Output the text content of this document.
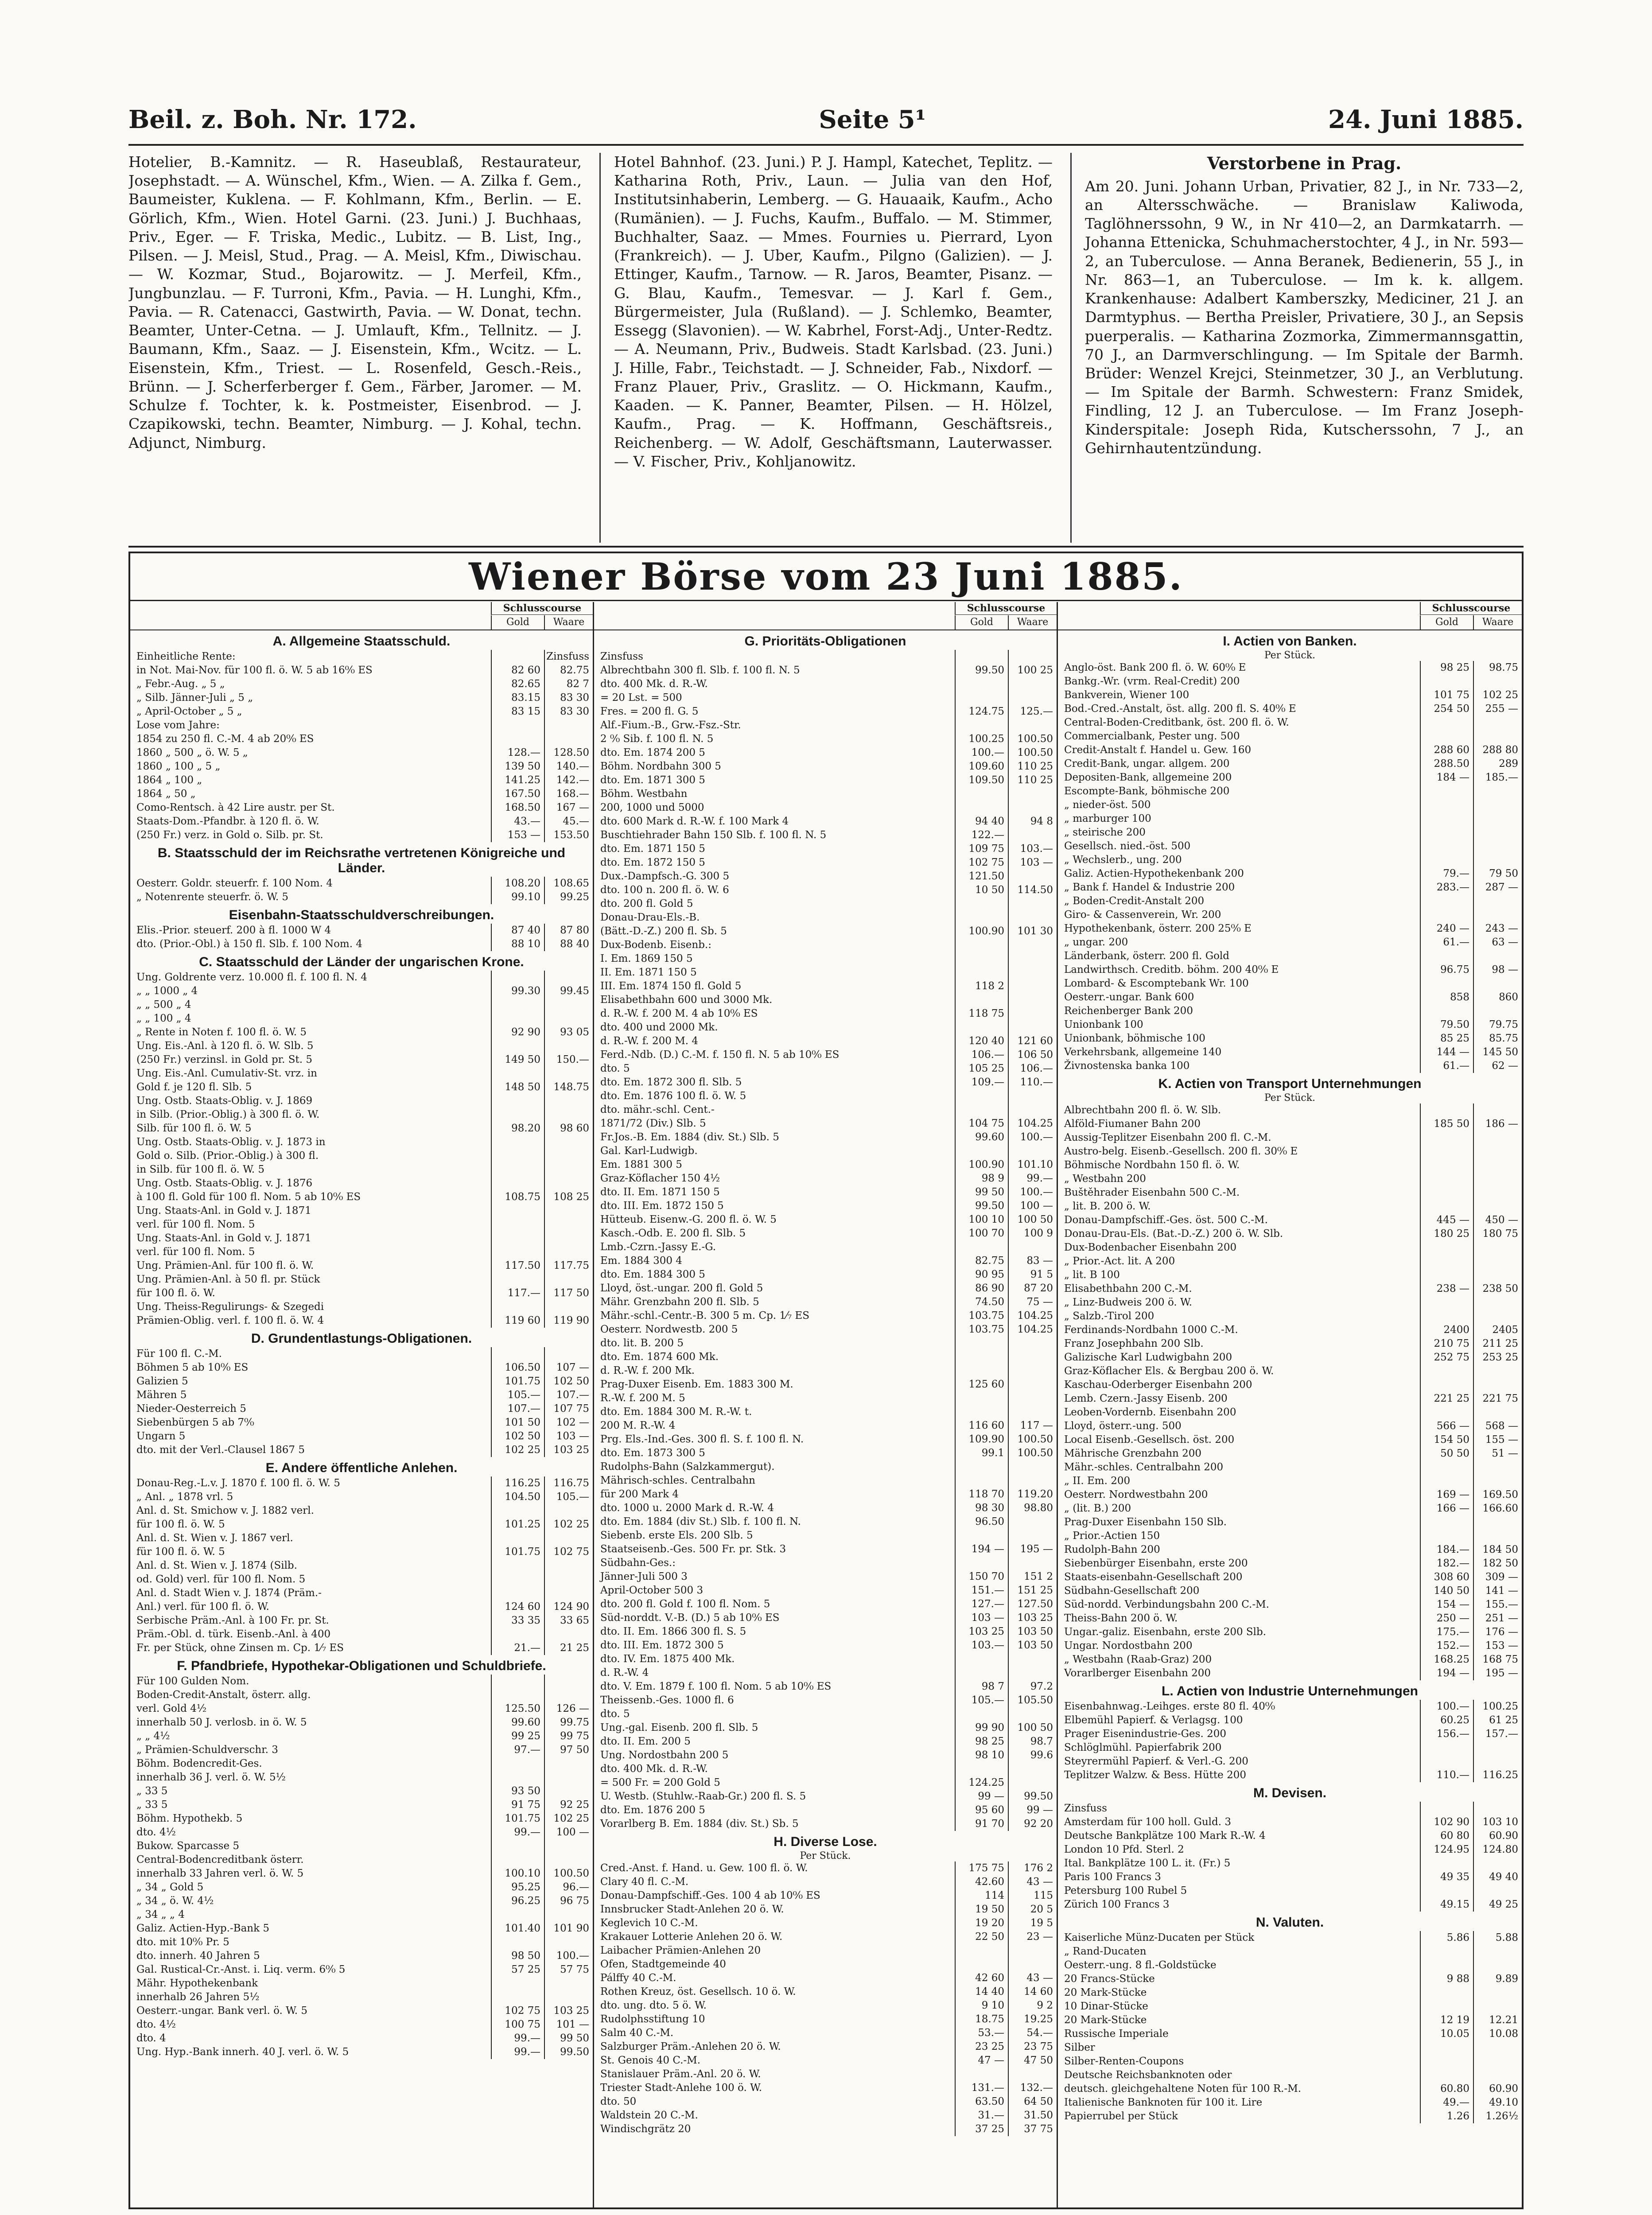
Beil. z. Boh. Nr. 172.	Seite 5¹	24. Juni 1885.
Hotelier, B.-Kamnitz. — R. Haseublaß, Restaurateur, Josephstadt. — A. Wünschel, Kfm., Wien. — A. Zilka f. Gem., Baumeister, Kuklena. — F. Kohlmann, Kfm., Berlin. — E. Görlich, Kfm., Wien. Hotel Garni. (23. Juni.) J. Buchhaas, Priv., Eger. — F. Triska, Medic., Lubitz. — B. List, Ing., Pilsen. — J. Meisl, Stud., Prag. — A. Meisl, Kfm., Diwischau. — W. Kozmar, Stud., Bojarowitz. — J. Merfeil, Kfm., Jungbunzlau. — F. Turroni, Kfm., Pavia. — H. Lunghi, Kfm., Pavia. — R. Catenacci, Gastwirth, Pavia. — W. Donat, techn. Beamter, Unter-Cetna. — J. Umlauft, Kfm., Tellnitz. — J. Baumann, Kfm., Saaz. — J. Eisenstein, Kfm., Wcitz. — L. Eisenstein, Kfm., Triest. — L. Rosenfeld, Gesch.-Reis., Brünn. — J. Scherferberger f. Gem., Färber, Jaromer. — M. Schulze f. Tochter, k. k. Postmeister, Eisenbrod. — J. Czapikowski, techn. Beamter, Nimburg. — J. Kohal, techn. Adjunct, Nimburg.
Hotel Bahnhof. (23. Juni.) P. J. Hampl, Katechet, Teplitz. — Katharina Roth, Priv., Laun. — Julia van den Hof, Institutsinhaberin, Lemberg. — G. Hauaaik, Kaufm., Acho (Rumänien). — J. Fuchs, Kaufm., Buffalo. — M. Stimmer, Buchhalter, Saaz. — Mmes. Fournies u. Pierrard, Lyon (Frankreich). — J. Uber, Kaufm., Pilgno (Galizien). — J. Ettinger, Kaufm., Tarnow. — R. Jaros, Beamter, Pisanz. — G. Blau, Kaufm., Temesvar. — J. Karl f. Gem., Bürgermeister, Jula (Rußland). — J. Schlemko, Beamter, Essegg (Slavonien). — W. Kabrhel, Forst-Adj., Unter-Redtz. — A. Neumann, Priv., Budweis. Stadt Karlsbad. (23. Juni.) J. Hille, Fabr., Teichstadt. — J. Schneider, Fab., Nixdorf. — Franz Plauer, Priv., Graslitz. — O. Hickmann, Kaufm., Kaaden. — K. Panner, Beamter, Pilsen. — H. Hölzel, Kaufm., Prag. — K. Hoffmann, Geschäftsreis., Reichenberg. — W. Adolf, Geschäftsmann, Lauterwasser. — V. Fischer, Priv., Kohljanowitz.
Verstorbene in Prag.
Am 20. Juni. Johann Urban, Privatier, 82 J., in Nr. 733—2, an Altersschwäche. — Branislaw Kaliwoda, Taglöhnerssohn, 9 W., in Nr 410—2, an Darmkatarrh. — Johanna Ettenicka, Schuhmacherstochter, 4 J., in Nr. 593—2, an Tuberculose. — Anna Beranek, Bedienerin, 55 J., in Nr. 863—1, an Tuberculose. — Im k. k. allgem. Krankenhause: Adalbert Kamberszky, Mediciner, 21 J. an Darmtyphus. — Bertha Preisler, Privatiere, 30 J., an Sepsis puerperalis. — Katharina Zozmorka, Zimmermannsgattin, 70 J., an Darmverschlingung. — Im Spitale der Barmh. Brüder: Wenzel Krejci, Steinmetzer, 30 J., an Verblutung. — Im Spitale der Barmh. Schwestern: Franz Smidek, Findling, 12 J. an Tuberculose. — Im Franz Joseph-Kinderspitale: Joseph Rida, Kutscherssohn, 7 J., an Gehirnhautentzündung.
Wiener Börse vom 23 Juni 1885.
Schlusscourse
Gold	Waare
A. Allgemeine Staatsschuld.
Einheitliche Rente:	Zinsfuss
in Not. Mai-Nov. für 100 fl. ö. W. 5 ab 16⁰⁄₀ ES	82 60	82.75
„ Febr.-Aug. „ 5 „	82.65	82 7
„ Silb. Jänner-Juli „ 5 „	83.15	83 30
„ April-October „ 5 „	83 15	83 30
Lose vom Jahre:
1854 zu 250 fl. C.-M. 4 ab 20⁰⁄₀ ES
1860 „ 500 „ ö. W. 5 „	128.—	128.50
1860 „ 100 „ 5 „	139 50	140.—
1864 „ 100 „	141.25	142.—
1864 „ 50 „	167.50	168.—
Como-Rentsch. à 42 Lire austr. per St.	168.50	167 —
Staats-Dom.-Pfandbr. à 120 fl. ö. W.	43.—	45.—
(250 Fr.) verz. in Gold o. Silb. pr. St.	153 —	153.50
B. Staatsschuld der im Reichsrathe vertretenen Königreiche und Länder.
Oesterr. Goldr. steuerfr. f. 100 Nom. 4	108.20	108.65
„ Notenrente steuerfr. ö. W. 5	99.10	99.25
Eisenbahn-Staatsschuldverschreibungen.
Elis.-Prior. steuerf. 200 à fl. 1000 W 4	87 40	87 80
dto. (Prior.-Obl.) à 150 fl. Slb. f. 100 Nom. 4	88 10	88 40
C. Staatsschuld der Länder der ungarischen Krone.
Ung. Goldrente verz. 10.000 fl. f. 100 fl. N. 4
„ „ 1000 „ 4	99.30	99.45
„ „ 500 „ 4
„ „ 100 „ 4
„ Rente in Noten f. 100 fl. ö. W. 5	92 90	93 05
Ung. Eis.-Anl. à 120 fl. ö. W. Slb. 5
(250 Fr.) verzinsl. in Gold pr. St. 5	149 50	150.—
Ung. Eis.-Anl. Cumulativ-St. vrz. in
Gold f. je 120 fl. Slb. 5	148 50	148.75
Ung. Ostb. Staats-Oblig. v. J. 1869
in Silb. (Prior.-Oblig.) à 300 fl. ö. W.
Silb. für 100 fl. ö. W. 5	98.20	98 60
Ung. Ostb. Staats-Oblig. v. J. 1873 in
Gold o. Silb. (Prior.-Oblig.) à 300 fl.
in Silb. für 100 fl. ö. W. 5
Ung. Ostb. Staats-Oblig. v. J. 1876
à 100 fl. Gold für 100 fl. Nom. 5 ab 10⁰⁄₀ ES	108.75	108 25
Ung. Staats-Anl. in Gold v. J. 1871
verl. für 100 fl. Nom. 5
Ung. Staats-Anl. in Gold v. J. 1871
verl. für 100 fl. Nom. 5
Ung. Prämien-Anl. für 100 fl. ö. W.	117.50	117.75
Ung. Prämien-Anl. à 50 fl. pr. Stück
für 100 fl. ö. W.	117.—	117 50
Ung. Theiss-Regulirungs- & Szegedi
Prämien-Oblig. verl. f. 100 fl. ö. W. 4	119 60	119 90
D. Grundentlastungs-Obligationen.
Für 100 fl. C.-M.
Böhmen 5 ab 10⁰⁄₀ ES	106.50	107 —
Galizien 5	101.75	102 50
Mähren 5	105.—	107.—
Nieder-Oesterreich 5	107.—	107 75
Siebenbürgen 5 ab 7⁰⁄₀	101 50	102 —
Ungarn 5	102 50	103 —
dto. mit der Verl.-Clausel 1867 5	102 25	103 25
E. Andere öffentliche Anlehen.
Donau-Reg.-L.v. J. 1870 f. 100 fl. ö. W. 5	116.25	116.75
„ Anl. „ 1878 vrl. 5	104.50	105.—
Anl. d. St. Smichow v. J. 1882 verl.
für 100 fl. ö. W. 5	101.25	102 25
Anl. d. St. Wien v. J. 1867 verl.
für 100 fl. ö. W. 5	101.75	102 75
Anl. d. St. Wien v. J. 1874 (Silb.
od. Gold) verl. für 100 fl. Nom. 5
Anl. d. Stadt Wien v. J. 1874 (Präm.-
Anl.) verl. für 100 fl. ö. W.	124 60	124 90
Serbische Präm.-Anl. à 100 Fr. pr. St.	33 35	33 65
Präm.-Obl. d. türk. Eisenb.-Anl. à 400
Fr. per Stück, ohne Zinsen m. Cp. 1⁄₇ ES	21.—	21 25
F. Pfandbriefe, Hypothekar-Obligationen und Schuldbriefe.
Für 100 Gulden Nom.
Boden-Credit-Anstalt, österr. allg.
verl. Gold 4½	125.50	126 —
innerhalb 50 J. verlosb. in ö. W. 5	99.60	99.75
„ „ 4½	99 25	99 75
„ Prämien-Schuldverschr. 3	97.—	97 50
Böhm. Bodencredit-Ges.
innerhalb 36 J. verl. ö. W. 5½
„ 33 5	93 50
„ 33 5	91 75	92 25
Böhm. Hypothekb. 5	101.75	102 25
dto. 4½	99.—	100 —
Bukow. Sparcasse 5
Central-Bodencreditbank österr.
innerhalb 33 Jahren verl. ö. W. 5	100.10	100.50
„ 34 „ Gold 5	95.25	96.—
„ 34 „ ö. W. 4½	96.25	96 75
„ 34 „ „ 4
Galiz. Actien-Hyp.-Bank 5	101.40	101 90
dto. mit 10⁰⁄₀ Pr. 5
dto. innerh. 40 Jahren 5	98 50	100.—
Gal. Rustical-Cr.-Anst. i. Liq. verm. 6⁰⁄₀ 5	57 25	57 75
Mähr. Hypothekenbank
innerhalb 26 Jahren 5½
Oesterr.-ungar. Bank verl. ö. W. 5	102 75	103 25
dto. 4½	100 75	101 —
dto. 4	99.—	99 50
Ung. Hyp.-Bank innerh. 40 J. verl. ö. W. 5	99.—	99.50
Schlusscourse
Gold	Waare
G. Prioritäts-Obligationen
Zinsfuss
Albrechtbahn 300 fl. Slb. f. 100 fl. N. 5	99.50	100 25
dto. 400 Mk. d. R.-W.
= 20 Lst. = 500
Fres. = 200 fl. G. 5	124.75	125.—
Alf.-Fium.-B., Grw.-Fsz.-Str.
2 ⁰⁄₀ Sib. f. 100 fl. N. 5	100.25	100.50
dto. Em. 1874 200 5	100.—	100.50
Böhm. Nordbahn 300 5	109.60	110 25
dto. Em. 1871 300 5	109.50	110 25
Böhm. Westbahn
200, 1000 und 5000
dto. 600 Mark d. R.-W. f. 100 Mark 4	94 40	94 8
Buschtiehrader Bahn 150 Slb. f. 100 fl. N. 5	122.—
dto. Em. 1871 150 5	109 75	103.—
dto. Em. 1872 150 5	102 75	103 —
Dux.-Dampfsch.-G. 300 5	121.50
dto. 100 n. 200 fl. ö. W. 6	10 50	114.50
dto. 200 fl. Gold 5
Donau-Drau-Els.-B.
(Bätt.-D.-Z.) 200 fl. Sb. 5	100.90	101 30
Dux-Bodenb. Eisenb.:
I. Em. 1869 150 5
II. Em. 1871 150 5
III. Em. 1874 150 fl. Gold 5	118 2
Elisabethbahn 600 und 3000 Mk.
d. R.-W. f. 200 M. 4 ab 10⁰⁄₀ ES	118 75
dto. 400 und 2000 Mk.
d. R.-W. f. 200 M. 4	120 40	121 60
Ferd.-Ndb. (D.) C.-M. f. 150 fl. N. 5 ab 10⁰⁄₀ ES	106.—	106 50
dto. 5	105 25	106.—
dto. Em. 1872 300 fl. Slb. 5	109.—	110.—
dto. Em. 1876 100 fl. ö. W. 5
dto. mähr.-schl. Cent.-
1871/72 (Div.) Slb. 5	104 75	104.25
Fr.Jos.-B. Em. 1884 (div. St.) Slb. 5	99.60	100.—
Gal. Karl-Ludwigb.
Em. 1881 300 5	100.90	101.10
Graz-Köflacher 150 4½	98 9	99.—
dto. II. Em. 1871 150 5	99 50	100.—
dto. III. Em. 1872 150 5	99.50	100 —
Hütteub. Eisenw.-G. 200 fl. ö. W. 5	100 10	100 50
Kasch.-Odb. E. 200 fl. Slb. 5	100 70	100 9
Lmb.-Czrn.-Jassy E.-G.
Em. 1884 300 4	82.75	83 —
dto. Em. 1884 300 5	90 95	91 5
Lloyd, öst.-ungar. 200 fl. Gold 5	86 90	87 20
Mähr. Grenzbahn 200 fl. Slb. 5	74.50	75 —
Mähr.-schl.-Centr.-B. 300 5 m. Cp. 1⁄₇ ES	103.75	104.25
Oesterr. Nordwestb. 200 5	103.75	104.25
dto. lit. B. 200 5
dto. Em. 1874 600 Mk.
d. R.-W. f. 200 Mk.
Prag-Duxer Eisenb. Em. 1883 300 M.	125 60
R.-W. f. 200 M. 5
dto. Em. 1884 300 M. R.-W. t.
200 M. R.-W. 4	116 60	117 —
Prg. Els.-Ind.-Ges. 300 fl. S. f. 100 fl. N.	109.90	100.50
dto. Em. 1873 300 5	99.1	100.50
Rudolphs-Bahn (Salzkammergut).
Mährisch-schles. Centralbahn
für 200 Mark 4	118 70	119.20
dto. 1000 u. 2000 Mark d. R.-W. 4	98 30	98.80
dto. Em. 1884 (div St.) Slb. f. 100 fl. N.	96.50
Siebenb. erste Els. 200 Slb. 5
Staatseisenb.-Ges. 500 Fr. pr. Stk. 3	194 —	195 —
Südbahn-Ges.:
Jänner-Juli 500 3	150 70	151 2
April-October 500 3	151.—	151 25
dto. 200 fl. Gold f. 100 fl. Nom. 5	127.—	127.50
Süd-norddt. V.-B. (D.) 5 ab 10⁰⁄₀ ES	103 —	103 25
dto. II. Em. 1866 300 fl. S. 5	103 25	103 50
dto. III. Em. 1872 300 5	103.—	103 50
dto. IV. Em. 1875 400 Mk.
d. R.-W. 4
dto. V. Em. 1879 f. 100 fl. Nom. 5 ab 10⁰⁄₀ ES	98 7	97.2
Theissenb.-Ges. 1000 fl. 6	105.—	105.50
dto. 5
Ung.-gal. Eisenb. 200 fl. Slb. 5	99 90	100 50
dto. II. Em. 200 5	98 25	98.7
Ung. Nordostbahn 200 5	98 10	99.6
dto. 400 Mk. d. R.-W.
= 500 Fr. = 200 Gold 5	124.25
U. Westb. (Stuhlw.-Raab-Gr.) 200 fl. S. 5	99 —	99.50
dto. Em. 1876 200 5	95 60	99 —
Vorarlberg B. Em. 1884 (div. St.) Sb. 5	91 70	92 20
H. Diverse Lose.
Per Stück.
Cred.-Anst. f. Hand. u. Gew. 100 fl. ö. W.	175 75	176 2
Clary 40 fl. C.-M.	42.60	43 —
Donau-Dampfschiff.-Ges. 100 4 ab 10⁰⁄₀ ES	114	115
Innsbrucker Stadt-Anlehen 20 ö. W.	19 50	20 5
Keglevich 10 C.-M.	19 20	19 5
Krakauer Lotterie Anlehen 20 ö. W.	22 50	23 —
Laibacher Prämien-Anlehen 20
Ofen, Stadtgemeinde 40
Pálffy 40 C.-M.	42 60	43 —
Rothen Kreuz, öst. Gesellsch. 10 ö. W.	14 40	14 60
dto. ung. dto. 5 ö. W.	9 10	9 2
Rudolphsstiftung 10	18.75	19.25
Salm 40 C.-M.	53.—	54.—
Salzburger Präm.-Anlehen 20 ö. W.	23 25	23 75
St. Genois 40 C.-M.	47 —	47 50
Stanislauer Präm.-Anl. 20 ö. W.
Triester Stadt-Anlehe 100 ö. W.	131.—	132.—
dto. 50	63.50	64 50
Waldstein 20 C.-M.	31.—	31.50
Windischgrätz 20	37 25	37 75
Schlusscourse
Gold	Waare
I. Actien von Banken.
Per Stück.
Anglo-öst. Bank 200 fl. ö. W. 60⁰⁄₀ E	98 25	98.75
Bankg.-Wr. (vrm. Real-Credit) 200
Bankverein, Wiener 100	101 75	102 25
Bod.-Cred.-Anstalt, öst. allg. 200 fl. S. 40⁰⁄₀ E	254 50	255 —
Central-Boden-Creditbank, öst. 200 fl. ö. W.
Commercialbank, Pester ung. 500
Credit-Anstalt f. Handel u. Gew. 160	288 60	288 80
Credit-Bank, ungar. allgem. 200	288.50	289
Depositen-Bank, allgemeine 200	184 —	185.—
Escompte-Bank, böhmische 200
„ nieder-öst. 500
„ marburger 100
„ steirische 200
Gesellsch. nied.-öst. 500
„ Wechslerb., ung. 200
Galiz. Actien-Hypothekenbank 200	79.—	79 50
„ Bank f. Handel & Industrie 200	283.—	287 —
„ Boden-Credit-Anstalt 200
Giro- & Cassenverein, Wr. 200
Hypothekenbank, österr. 200 25⁰⁄₀ E	240 —	243 —
„ ungar. 200	61.—	63 —
Länderbank, österr. 200 fl. Gold
Landwirthsch. Creditb. böhm. 200 40⁰⁄₀ E	96.75	98 —
Lombard- & Escomptebank Wr. 100
Oesterr.-ungar. Bank 600	858	860
Reichenberger Bank 200
Unionbank 100	79.50	79.75
Unionbank, böhmische 100	85 25	85.75
Verkehrsbank, allgemeine 140	144 —	145 50
Živnostenska banka 100	61.—	62 —
K. Actien von Transport Unternehmungen
Per Stück.
Albrechtbahn 200 fl. ö. W. Slb.
Alföld-Fiumaner Bahn 200	185 50	186 —
Aussig-Teplitzer Eisenbahn 200 fl. C.-M.
Austro-belg. Eisenb.-Gesellsch. 200 fl. 30⁰⁄₀ E
Böhmische Nordbahn 150 fl. ö. W.
„ Westbahn 200
Buštěhrader Eisenbahn 500 C.-M.
„ lit. B. 200 ö. W.
Donau-Dampfschiff.-Ges. öst. 500 C.-M.	445 —	450 —
Donau-Drau-Els. (Bat.-D.-Z.) 200 ö. W. Slb.	180 25	180 75
Dux-Bodenbacher Eisenbahn 200
„ Prior.-Act. lit. A 200
„ lit. B 100
Elisabethbahn 200 C.-M.	238 —	238 50
„ Linz-Budweis 200 ö. W.
„ Salzb.-Tirol 200
Ferdinands-Nordbahn 1000 C.-M.	2400	2405
Franz Josephbahn 200 Slb.	210 75	211 25
Galizische Karl Ludwigbahn 200	252 75	253 25
Graz-Köflacher Els. & Bergbau 200 ö. W.
Kaschau-Oderberger Eisenbahn 200
Lemb. Czern.-Jassy Eisenb. 200	221 25	221 75
Leoben-Vordernb. Eisenbahn 200
Lloyd, österr.-ung. 500	566 —	568 —
Local Eisenb.-Gesellsch. öst. 200	154 50	155 —
Mährische Grenzbahn 200	50 50	51 —
Mähr.-schles. Centralbahn 200
„ II. Em. 200
Oesterr. Nordwestbahn 200	169 —	169.50
„ (lit. B.) 200	166 —	166.60
Prag-Duxer Eisenbahn 150 Slb.
„ Prior.-Actien 150
Rudolph-Bahn 200	184.—	184 50
Siebenbürger Eisenbahn, erste 200	182.—	182 50
Staats-eisenbahn-Gesellschaft 200	308 60	309 —
Südbahn-Gesellschaft 200	140 50	141 —
Süd-nordd. Verbindungsbahn 200 C.-M.	154 —	155.—
Theiss-Bahn 200 ö. W.	250 —	251 —
Ungar.-galiz. Eisenbahn, erste 200 Slb.	175.—	176 —
Ungar. Nordostbahn 200	152.—	153 —
„ Westbahn (Raab-Graz) 200	168.25	168 75
Vorarlberger Eisenbahn 200	194 —	195 —
L. Actien von Industrie Unternehmungen
Eisenbahnwag.-Leihges. erste 80 fl. 40⁰⁄₀	100.—	100.25
Elbemühl Papierf. & Verlagsg. 100	60.25	61 25
Prager Eisenindustrie-Ges. 200	156.—	157.—
Schlöglmühl. Papierfabrik 200
Steyrermühl Papierf. & Verl.-G. 200
Teplitzer Walzw. & Bess. Hütte 200	110.—	116.25
M. Devisen.
Zinsfuss
Amsterdam für 100 holl. Guld. 3	102 90	103 10
Deutsche Bankplätze 100 Mark R.-W. 4	60 80	60.90
London 10 Pfd. Sterl. 2	124.95	124.80
Ital. Bankplätze 100 L. it. (Fr.) 5
Paris 100 Francs 3	49 35	49 40
Petersburg 100 Rubel 5
Zürich 100 Francs 3	49.15	49 25
N. Valuten.
Kaiserliche Münz-Ducaten per Stück	5.86	5.88
„ Rand-Ducaten
Oesterr.-ung. 8 fl.-Goldstücke
20 Francs-Stücke	9 88	9.89
20 Mark-Stücke
10 Dinar-Stücke
20 Mark-Stücke	12 19	12.21
Russische Imperiale	10.05	10.08
Silber
Silber-Renten-Coupons
Deutsche Reichsbanknoten oder
deutsch. gleichgehaltene Noten für 100 R.-M.	60.80	60.90
Italienische Banknoten für 100 it. Lire	49.—	49.10
Papierrubel per Stück	1.26	1.26½
